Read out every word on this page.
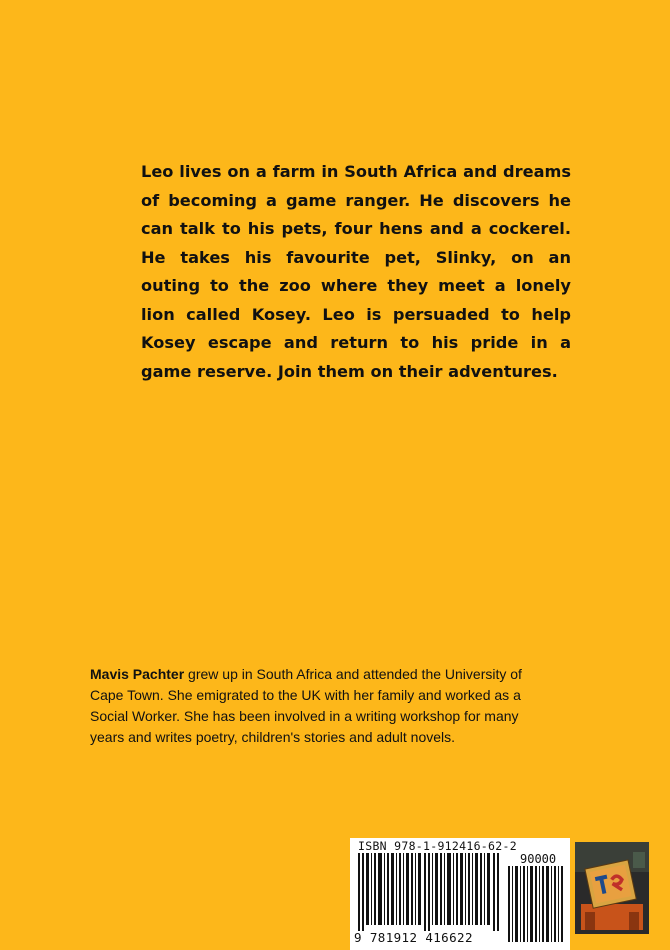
Leo lives on a farm in South Africa and dreams of becoming a game ranger. He discovers he can talk to his pets, four hens and a cockerel. He takes his favourite pet, Slinky, on an outing to the zoo where they meet a lonely lion called Kosey. Leo is persuaded to help Kosey escape and return to his pride in a game reserve. Join them on their adventures.

Mavis Pachter grew up in South Africa and attended the University of Cape Town. She emigrated to the UK with her family and worked as a Social Worker. She has been involved in a writing workshop for many years and writes poetry, children's stories and adult novels.

ISBN 978-1-912416-62-2
90000
9 781912 416622
